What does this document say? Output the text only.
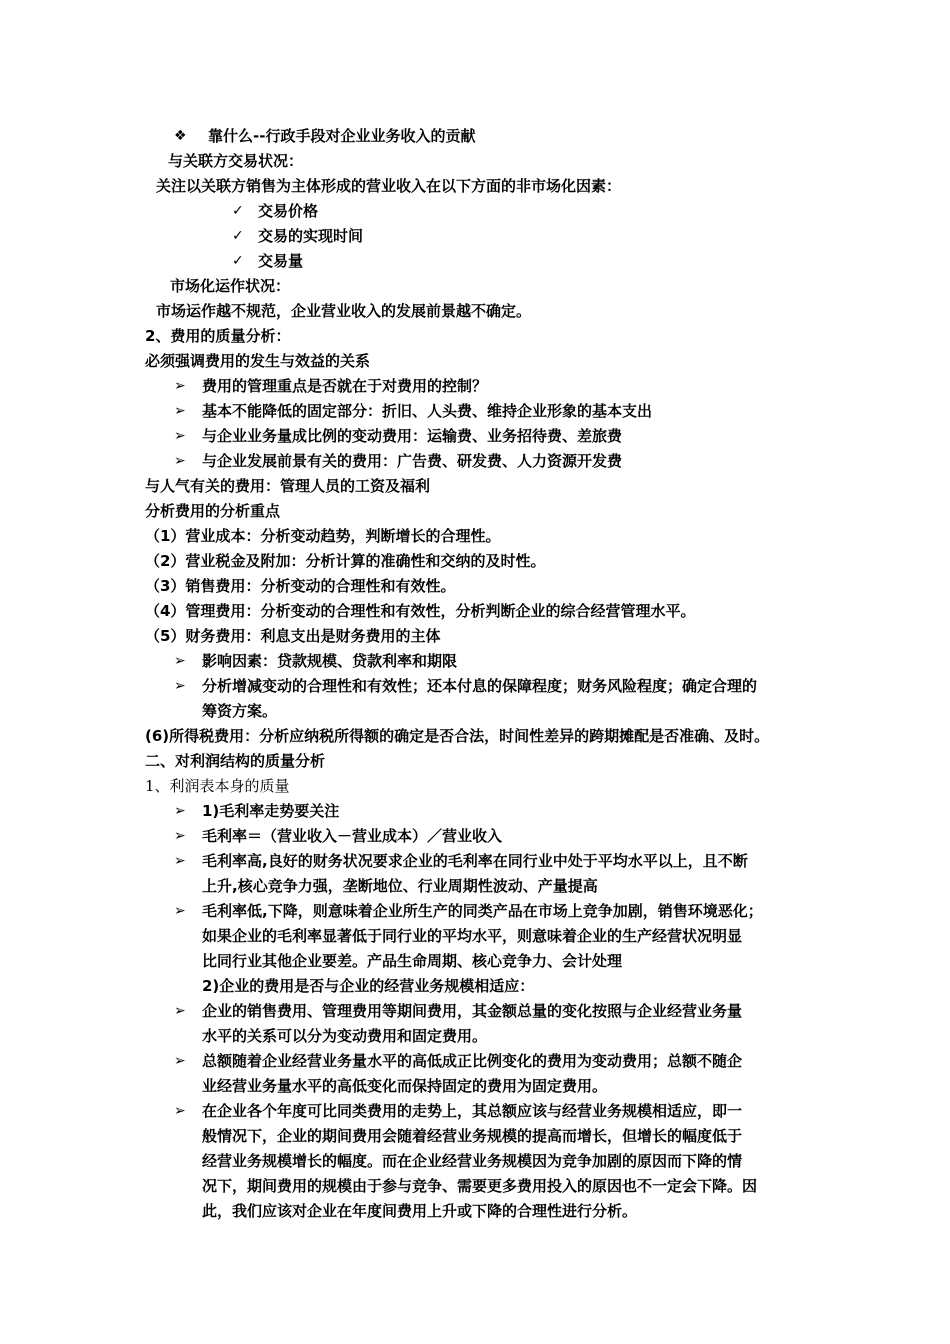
❖ 靠什么--行政手段对企业业务收入的贡献
与关联方交易状况：
关注以关联方销售为主体形成的营业收入在以下方面的非市场化因素：
✓ 交易价格
✓ 交易的实现时间
✓ 交易量
市场化运作状况：
市场运作越不规范，企业营业收入的发展前景越不确定。
2、费用的质量分析：
必须强调费用的发生与效益的关系
➢ 费用的管理重点是否就在于对费用的控制？
➢ 基本不能降低的固定部分：折旧、人头费、维持企业形象的基本支出
➢ 与企业业务量成比例的变动费用：运输费、业务招待费、差旅费
➢ 与企业发展前景有关的费用：广告费、研发费、人力资源开发费
与人气有关的费用：管理人员的工资及福利
分析费用的分析重点
（1）营业成本：分析变动趋势，判断增长的合理性。
（2）营业税金及附加：分析计算的准确性和交纳的及时性。
（3）销售费用：分析变动的合理性和有效性。
（4）管理费用：分析变动的合理性和有效性，分析判断企业的综合经营管理水平。
（5）财务费用：利息支出是财务费用的主体
➢ 影响因素：贷款规模、贷款利率和期限
➢ 分析增减变动的合理性和有效性；还本付息的保障程度；财务风险程度；确定合理的
筹资方案。
(6)所得税费用：分析应纳税所得额的确定是否合法，时间性差异的跨期摊配是否准确、及时。
二、对利润结构的质量分析
1、利润表本身的质量
➢ 1)毛利率走势要关注
➢ 毛利率＝（营业收入－营业成本）／营业收入
➢ 毛利率高,良好的财务状况要求企业的毛利率在同行业中处于平均水平以上，且不断
上升,核心竞争力强，垄断地位、行业周期性波动、产量提高
➢ 毛利率低,下降，则意味着企业所生产的同类产品在市场上竞争加剧，销售环境恶化；
如果企业的毛利率显著低于同行业的平均水平，则意味着企业的生产经营状况明显
比同行业其他企业要差。产品生命周期、核心竞争力、会计处理
2)企业的费用是否与企业的经营业务规模相适应：
➢ 企业的销售费用、管理费用等期间费用，其金额总量的变化按照与企业经营业务量
水平的关系可以分为变动费用和固定费用。
➢ 总额随着企业经营业务量水平的高低成正比例变化的费用为变动费用；总额不随企
业经营业务量水平的高低变化而保持固定的费用为固定费用。
➢ 在企业各个年度可比同类费用的走势上，其总额应该与经营业务规模相适应，即一
般情况下，企业的期间费用会随着经营业务规模的提高而增长，但增长的幅度低于
经营业务规模增长的幅度。而在企业经营业务规模因为竞争加剧的原因而下降的情
况下，期间费用的规模由于参与竞争、需要更多费用投入的原因也不一定会下降。因
此，我们应该对企业在年度间费用上升或下降的合理性进行分析。
